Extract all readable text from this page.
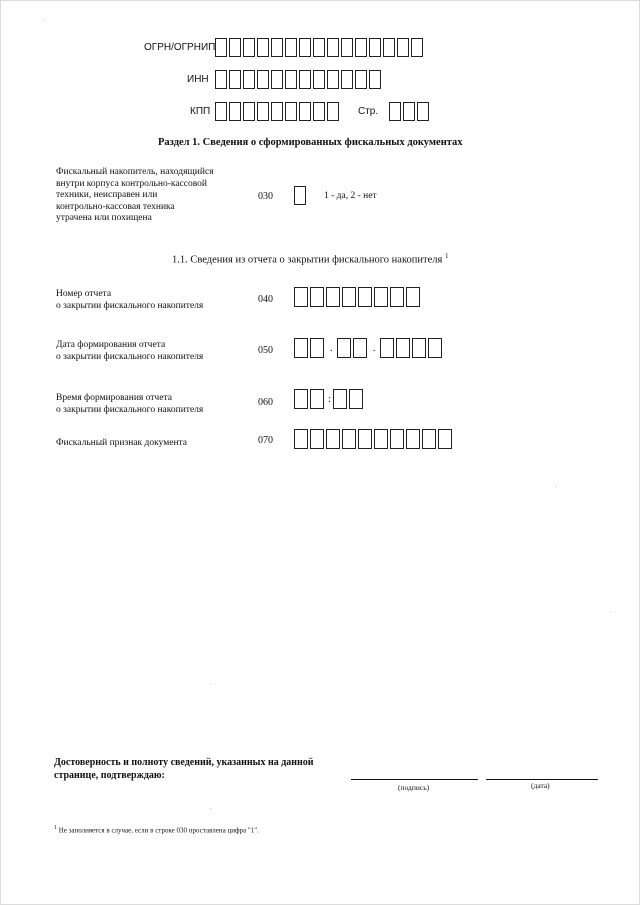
ОГРН/ОГРНИП
ИНН
КПП	Стр.
Раздел 1. Сведения о сформированных фискальных документах
Фискальный накопитель, находящийся
внутри корпуса контрольно-кассовой
техники, неисправен или
контрольно-кассовая техника
утрачена или похищена
030	1 - да, 2 - нет
1.1. Сведения из отчета о закрытии фискального накопителя $^1$
Номер отчета
о закрытии фискального накопителя
040
Дата формирования отчета
о закрытии фискального накопителя
050	.	.
Время формирования отчета
о закрытии фискального накопителя
060	:
Фискальный признак документа	070
Достоверность и полноту сведений, указанных на данной
странице, подтверждаю:
(подпись)	(дата)
$^1$ Не заполняется в случае, если в строке 030 проставлена цифра "1".
